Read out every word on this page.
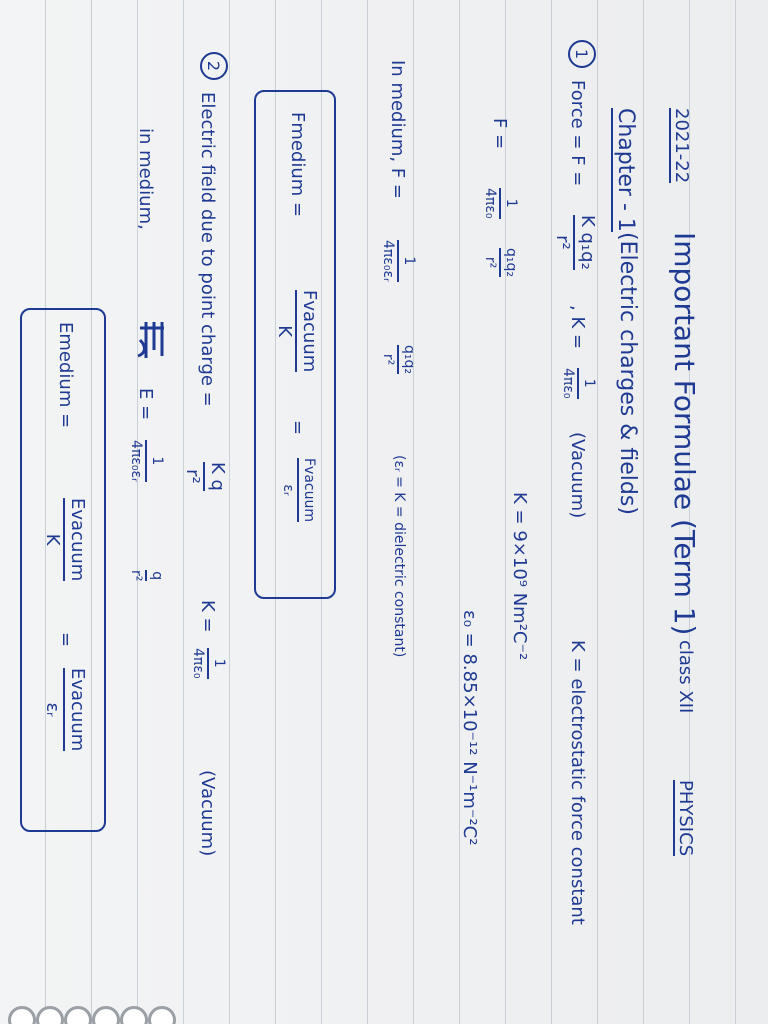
2021-22
Important Formulae (Term 1)
class XII
PHYSICS
Chapter - 1
(Electric charges & fields)
1
Force = F =
K q₁q₂
r²
, K =
1
4πε₀
(Vacuum)
K = electrostatic force constant
F =
1
4πε₀
q₁q₂
r²
K = 9×10⁹ Nm²C⁻²
ε₀ = 8.85×10⁻¹² N⁻¹m⁻²C²
In medium, F =
1
4πε₀εᵣ
q₁q₂
r²
(εᵣ = K = dielectric constant)
Fmedium =
Fvacuum
K
=
Fvacuum
εᵣ
2
Electric field due to point charge =
K q
r²
K =
1
4πε₀
(Vacuum)
in medium,
E =
1
4πε₀εᵣ
q
r²
Emedium =
Evacuum
K
=
Evacuum
εᵣ
